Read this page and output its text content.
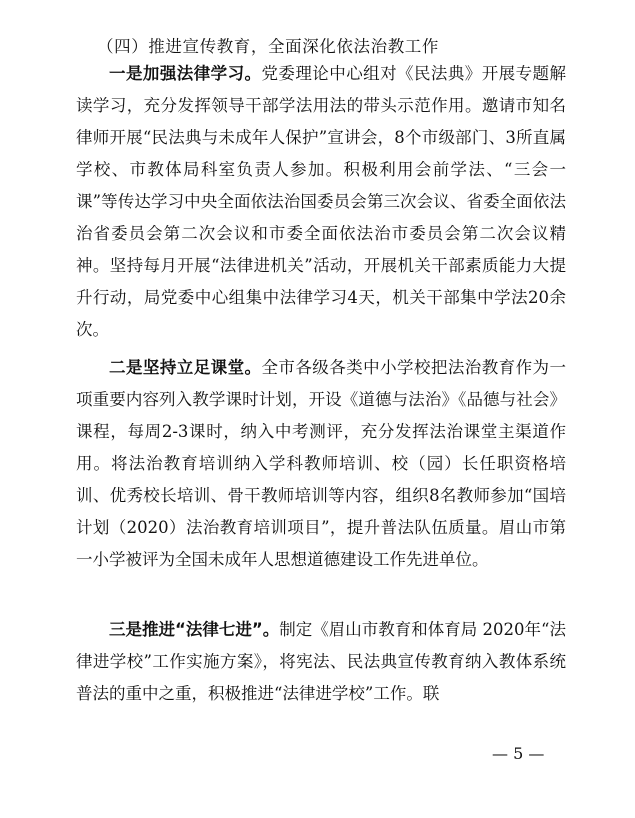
（四）推进宣传教育，全面深化依法治教工作

一是加强法律学习。党委理论中心组对《民法典》开展专题解读学习，充分发挥领导干部学法用法的带头示范作用。邀请市知名律师开展“民法典与未成年人保护”宣讲会，8个市级部门、3所直属学校、市教体局科室负责人参加。积极利用会前学法、“三会一课”等传达学习中央全面依法治国委员会第三次会议、省委全面依法治省委员会第二次会议和市委全面依法治市委员会第二次会议精神。坚持每月开展“法律进机关”活动，开展机关干部素质能力大提升行动，局党委中心组集中法律学习4天，机关干部集中学法20余次。

二是坚持立足课堂。全市各级各类中小学校把法治教育作为一项重要内容列入教学课时计划，开设《道德与法治》《品德与社会》课程，每周2-3课时，纳入中考测评，充分发挥法治课堂主渠道作用。将法治教育培训纳入学科教师培训、校（园）长任职资格培训、优秀校长培训、骨干教师培训等内容，组织8名教师参加“国培计划（2020）法治教育培训项目”，提升普法队伍质量。眉山市第一小学被评为全国未成年人思想道德建设工作先进单位。

三是推进“法律七进”。制定《眉山市教育和体育局 2020年“法律进学校”工作实施方案》，将宪法、民法典宣传教育纳入教体系统普法的重中之重，积极推进“法律进学校”工作。联

— 5 —
